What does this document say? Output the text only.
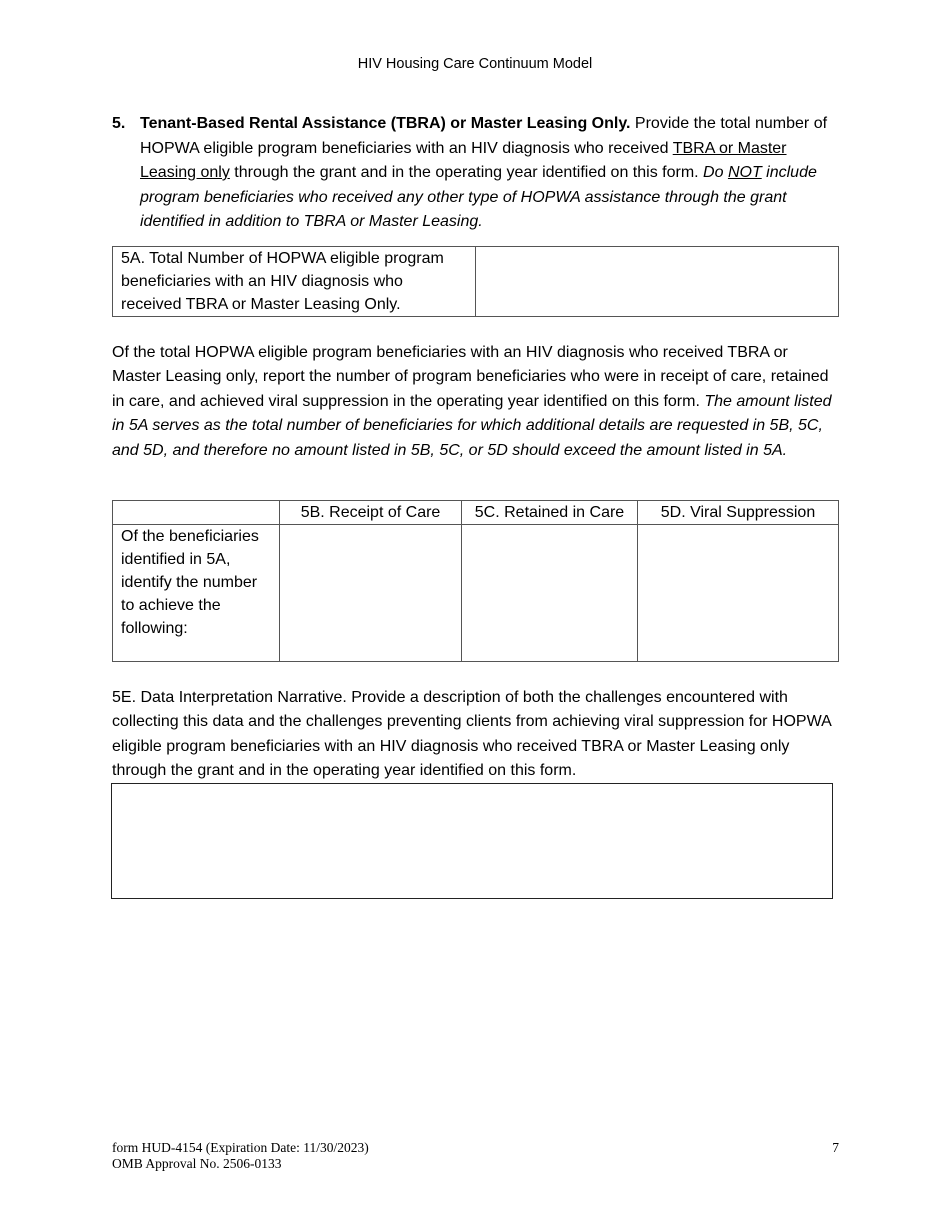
HIV Housing Care Continuum Model
5. Tenant-Based Rental Assistance (TBRA) or Master Leasing Only. Provide the total number of HOPWA eligible program beneficiaries with an HIV diagnosis who received TBRA or Master Leasing only through the grant and in the operating year identified on this form. Do NOT include program beneficiaries who received any other type of HOPWA assistance through the grant identified in addition to TBRA or Master Leasing.
5A. Total Number of HOPWA eligible program beneficiaries with an HIV diagnosis who received TBRA or Master Leasing Only.	
Of the total HOPWA eligible program beneficiaries with an HIV diagnosis who received TBRA or Master Leasing only, report the number of program beneficiaries who were in receipt of care, retained in care, and achieved viral suppression in the operating year identified on this form. The amount listed in 5A serves as the total number of beneficiaries for which additional details are requested in 5B, 5C, and 5D, and therefore no amount listed in 5B, 5C, or 5D should exceed the amount listed in 5A.
	5B. Receipt of Care	5C. Retained in Care	5D. Viral Suppression
Of the beneficiaries identified in 5A, identify the number to achieve the following:			
5E. Data Interpretation Narrative. Provide a description of both the challenges encountered with collecting this data and the challenges preventing clients from achieving viral suppression for HOPWA eligible program beneficiaries with an HIV diagnosis who received TBRA or Master Leasing only through the grant and in the operating year identified on this form.
form HUD-4154 (Expiration Date: 11/30/2023)
OMB Approval No. 2506-0133
7
